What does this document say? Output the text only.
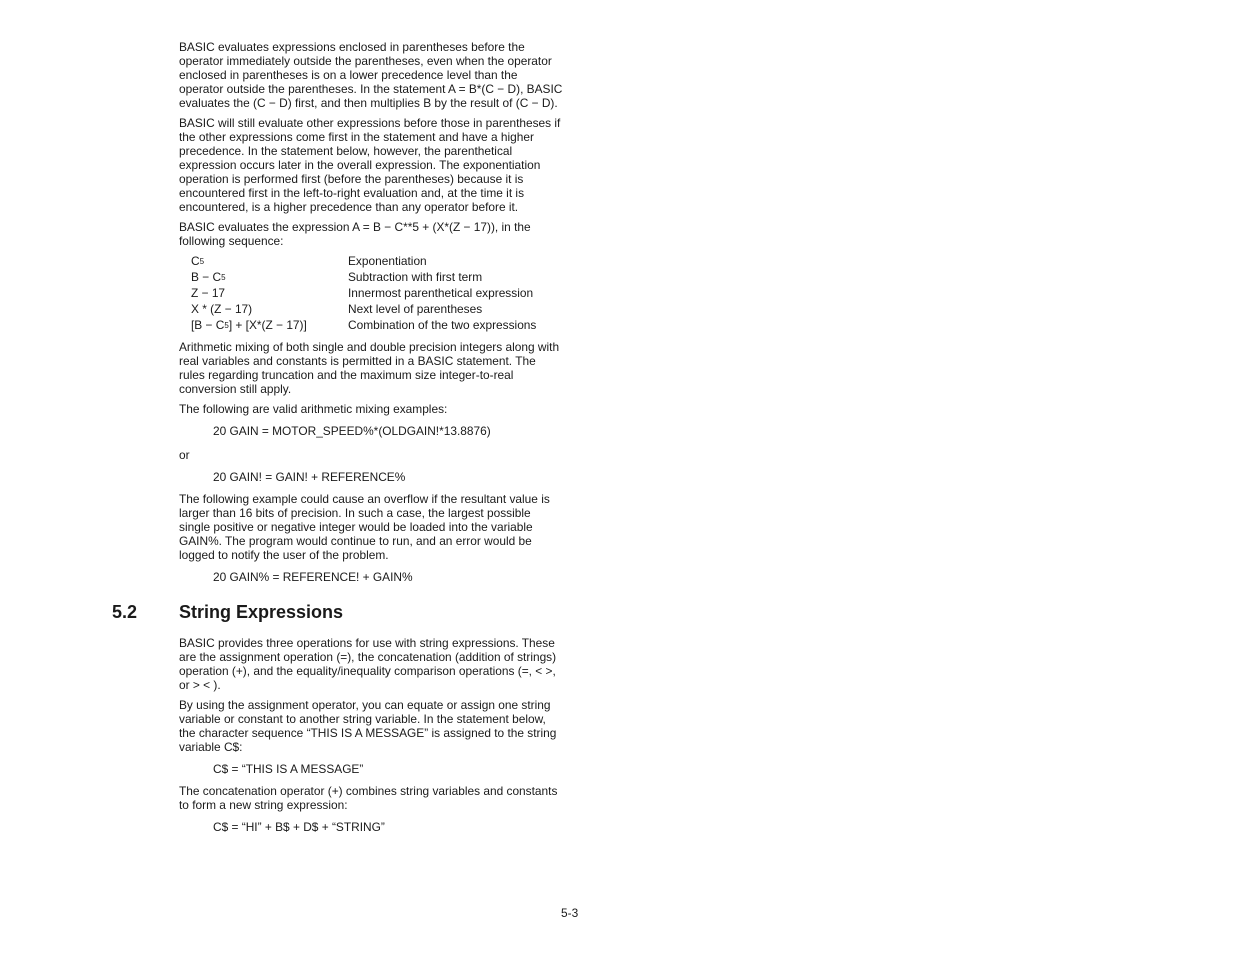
BASIC evaluates expressions enclosed in parentheses before the operator immediately outside the parentheses, even when the operator enclosed in parentheses is on a lower precedence level than the operator outside the parentheses. In the statement A = B*(C − D), BASIC evaluates the (C − D) first, and then multiplies B by the result of (C − D).

BASIC will still evaluate other expressions before those in parentheses if the other expressions come first in the statement and have a higher precedence. In the statement below, however, the parenthetical expression occurs later in the overall expression. The exponentiation operation is performed first (before the parentheses) because it is encountered first in the left-to-right evaluation and, at the time it is encountered, is a higher precedence than any operator before it.

BASIC evaluates the expression A = B − C**5 + (X*(Z − 17)), in the following sequence:

$C^5$	Exponentiation
$B - C^5$	Subtraction with first term
Z − 17	Innermost parenthetical expression
X * (Z − 17)	Next level of parentheses
$[B - C^5] + [X*(Z - 17)]$	Combination of the two expressions

Arithmetic mixing of both single and double precision integers along with real variables and constants is permitted in a BASIC statement. The rules regarding truncation and the maximum size integer-to-real conversion still apply.

The following are valid arithmetic mixing examples:

20 GAIN = MOTOR_SPEED%*(OLDGAIN!*13.8876)
or
20 GAIN! = GAIN! + REFERENCE%

The following example could cause an overflow if the resultant value is larger than 16 bits of precision. In such a case, the largest possible single positive or negative integer would be loaded into the variable GAIN%. The program would continue to run, and an error would be logged to notify the user of the problem.

20 GAIN% = REFERENCE! + GAIN%
5.2 String Expressions

BASIC provides three operations for use with string expressions. These are the assignment operation (=), the concatenation (addition of strings) operation (+), and the equality/inequality comparison operations (=, < >, or > < ).

By using the assignment operator, you can equate or assign one string variable or constant to another string variable. In the statement below, the character sequence “THIS IS A MESSAGE” is assigned to the string variable C$:

C$ = “THIS IS A MESSAGE”

The concatenation operator (+) combines string variables and constants to form a new string expression:

C$ = “HI” + B$ + D$ + “STRING”
5-3
